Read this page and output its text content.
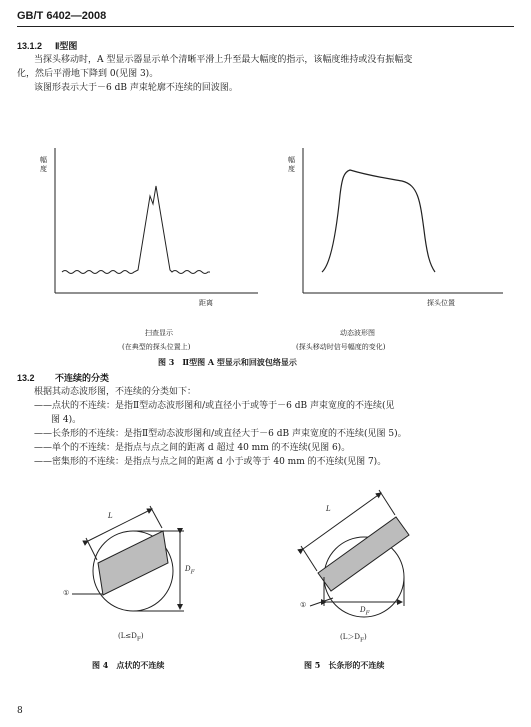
GB/T 6402—2008
13.1.2 Ⅱ型图
当探头移动时，A 型显示器显示单个清晰平滑上升至最大幅度的指示，该幅度维持或没有振幅变
化，然后平滑地下降到 0(见图 3)。
该图形表示大于－6 dB 声束轮廓不连续的回波图。
幅度
距离
幅度
探头位置
扫查显示
(在典型的探头位置上)
动态波形图
(探头移动时信号幅度的变化)
图 3　Ⅱ型图 A 型显示和回波包络显示
13.2 不连续的分类
根据其动态波形图，不连续的分类如下：
——点状的不连续：是指Ⅱ型动态波形图和/或直径小于或等于－6 dB 声束宽度的不连续(见
图 4)。
——长条形的不连续：是指Ⅱ型动态波形图和/或直径大于－6 dB 声束宽度的不连续(见图 5)。
——单个的不连续：是指点与点之间的距离 d 超过 40 mm 的不连续(见图 6)。
——密集形的不连续：是指点与点之间的距离 d 小于或等于 40 mm 的不连续(见图 7)。
L
$D_F$
①
$(L\le D_F)$
图 4　点状的不连续
L
$D_F$
①
$(L>D_F)$
图 5　长条形的不连续
8
